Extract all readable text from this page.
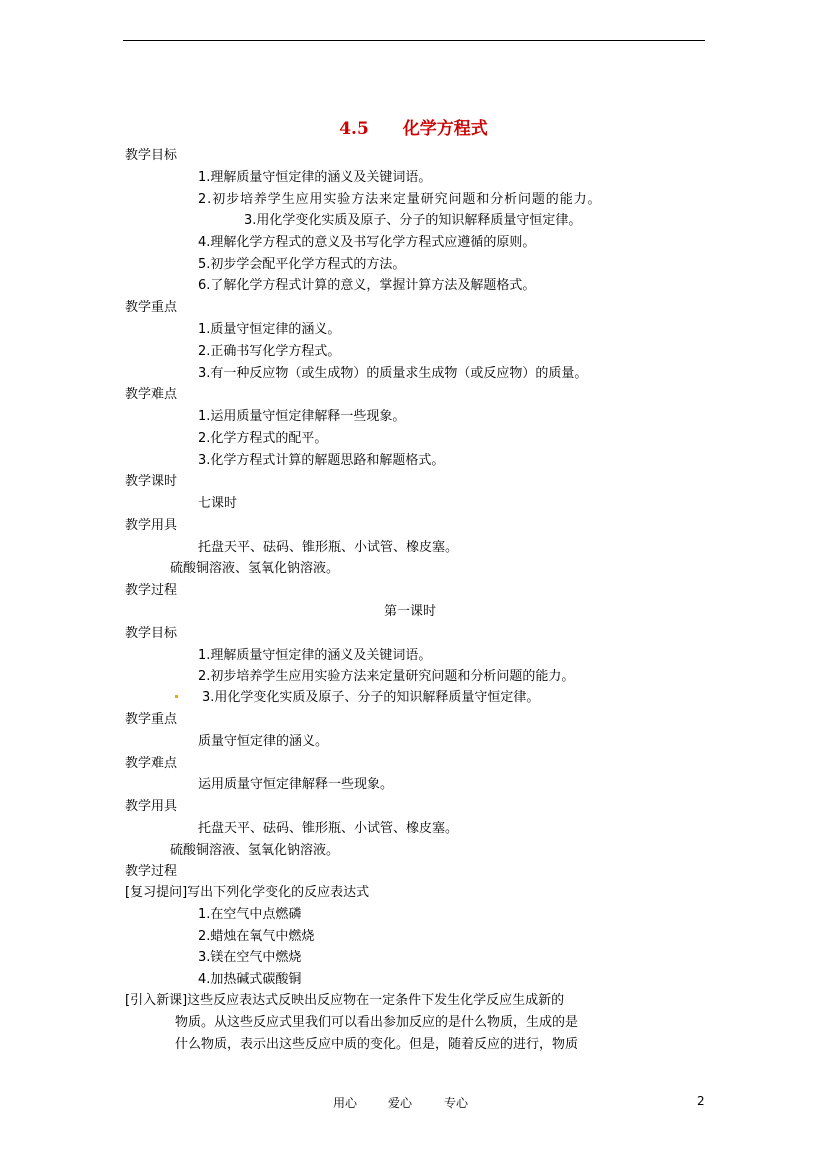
4.5 化学方程式
教学目标
1.理解质量守恒定律的涵义及关键词语。
2.初步培养学生应用实验方法来定量研究问题和分析问题的能力。
3.用化学变化实质及原子、分子的知识解释质量守恒定律。
4.理解化学方程式的意义及书写化学方程式应遵循的原则。
5.初步学会配平化学方程式的方法。
6.了解化学方程式计算的意义，掌握计算方法及解题格式。
教学重点
1.质量守恒定律的涵义。
2.正确书写化学方程式。
3.有一种反应物（或生成物）的质量求生成物（或反应物）的质量。
教学难点
1.运用质量守恒定律解释一些现象。
2.化学方程式的配平。
3.化学方程式计算的解题思路和解题格式。
教学课时
七课时
教学用具
托盘天平、砝码、锥形瓶、小试管、橡皮塞。
硫酸铜溶液、氢氧化钠溶液。
教学过程
第一课时
教学目标
1.理解质量守恒定律的涵义及关键词语。
2.初步培养学生应用实验方法来定量研究问题和分析问题的能力。
3.用化学变化实质及原子、分子的知识解释质量守恒定律。
教学重点
质量守恒定律的涵义。
教学难点
运用质量守恒定律解释一些现象。
教学用具
托盘天平、砝码、锥形瓶、小试管、橡皮塞。
硫酸铜溶液、氢氧化钠溶液。
教学过程
[复习提问]写出下列化学变化的反应表达式
1.在空气中点燃磷
2.蜡烛在氧气中燃烧
3.镁在空气中燃烧
4.加热碱式碳酸铜
[引入新课]这些反应表达式反映出反应物在一定条件下发生化学反应生成新的
物质。从这些反应式里我们可以看出参加反应的是什么物质，生成的是
什么物质，表示出这些反应中质的变化。但是，随着反应的进行，物质
用心	爱心	专心	2
